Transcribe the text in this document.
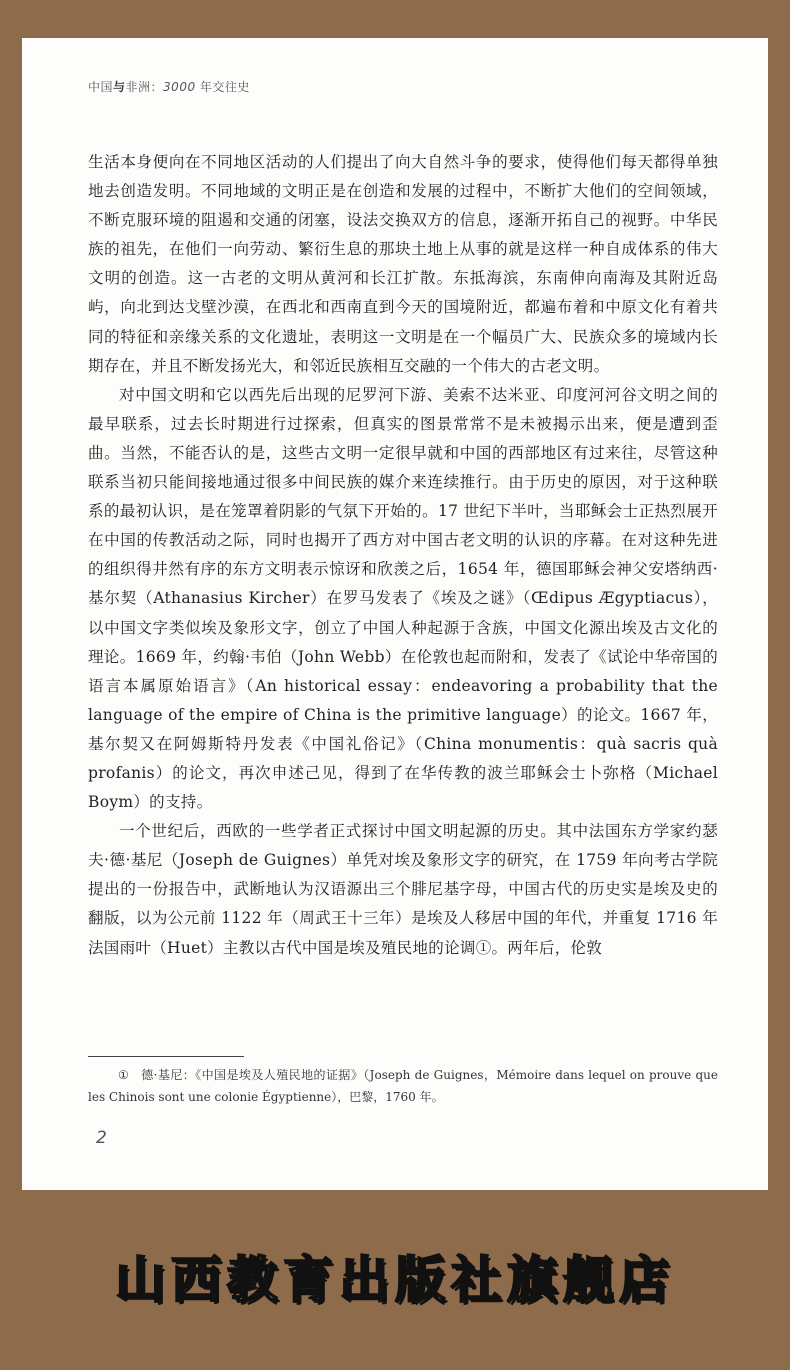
中国与非洲：3000 年交往史

生活本身便向在不同地区活动的人们提出了向大自然斗争的要求，使得他们每天都得单独地去创造发明。不同地域的文明正是在创造和发展的过程中，不断扩大他们的空间领域，不断克服环境的阻遏和交通的闭塞，设法交换双方的信息，逐渐开拓自己的视野。中华民族的祖先，在他们一向劳动、繁衍生息的那块土地上从事的就是这样一种自成体系的伟大文明的创造。这一古老的文明从黄河和长江扩散。东抵海滨，东南伸向南海及其附近岛屿，向北到达戈壁沙漠，在西北和西南直到今天的国境附近，都遍布着和中原文化有着共同的特征和亲缘关系的文化遗址，表明这一文明是在一个幅员广大、民族众多的境域内长期存在，并且不断发扬光大，和邻近民族相互交融的一个伟大的古老文明。

对中国文明和它以西先后出现的尼罗河下游、美索不达米亚、印度河河谷文明之间的最早联系，过去长时期进行过探索，但真实的图景常常不是未被揭示出来，便是遭到歪曲。当然，不能否认的是，这些古文明一定很早就和中国的西部地区有过来往，尽管这种联系当初只能间接地通过很多中间民族的媒介来连续推行。由于历史的原因，对于这种联系的最初认识，是在笼罩着阴影的气氛下开始的。17 世纪下半叶，当耶稣会士正热烈展开在中国的传教活动之际，同时也揭开了西方对中国古老文明的认识的序幕。在对这种先进的组织得井然有序的东方文明表示惊讶和欣羡之后，1654 年，德国耶稣会神父安塔纳西·基尔契（Athanasius Kircher）在罗马发表了《埃及之谜》（Œdipus Ægyptiacus），以中国文字类似埃及象形文字，创立了中国人种起源于含族，中国文化源出埃及古文化的理论。1669 年，约翰·韦伯（John Webb）在伦敦也起而附和，发表了《试论中华帝国的语言本属原始语言》（An historical essay：endeavoring a probability that the language of the empire of China is the primitive language）的论文。1667 年，基尔契又在阿姆斯特丹发表《中国礼俗记》（China monumentis：quà sacris quà profanis）的论文，再次申述己见，得到了在华传教的波兰耶稣会士卜弥格（Michael Boym）的支持。

一个世纪后，西欧的一些学者正式探讨中国文明起源的历史。其中法国东方学家约瑟夫·德·基尼（Joseph de Guignes）单凭对埃及象形文字的研究，在 1759 年向考古学院提出的一份报告中，武断地认为汉语源出三个腓尼基字母，中国古代的历史实是埃及史的翻版，以为公元前 1122 年（周武王十三年）是埃及人移居中国的年代，并重复 1716 年法国雨叶（Huet）主教以古代中国是埃及殖民地的论调①。两年后，伦敦

① 德·基尼：《中国是埃及人殖民地的证据》（Joseph de Guignes，Mémoire dans lequel on prouve que les Chinois sont une colonie Égyptienne），巴黎，1760 年。
2
山西教育出版社旗舰店
